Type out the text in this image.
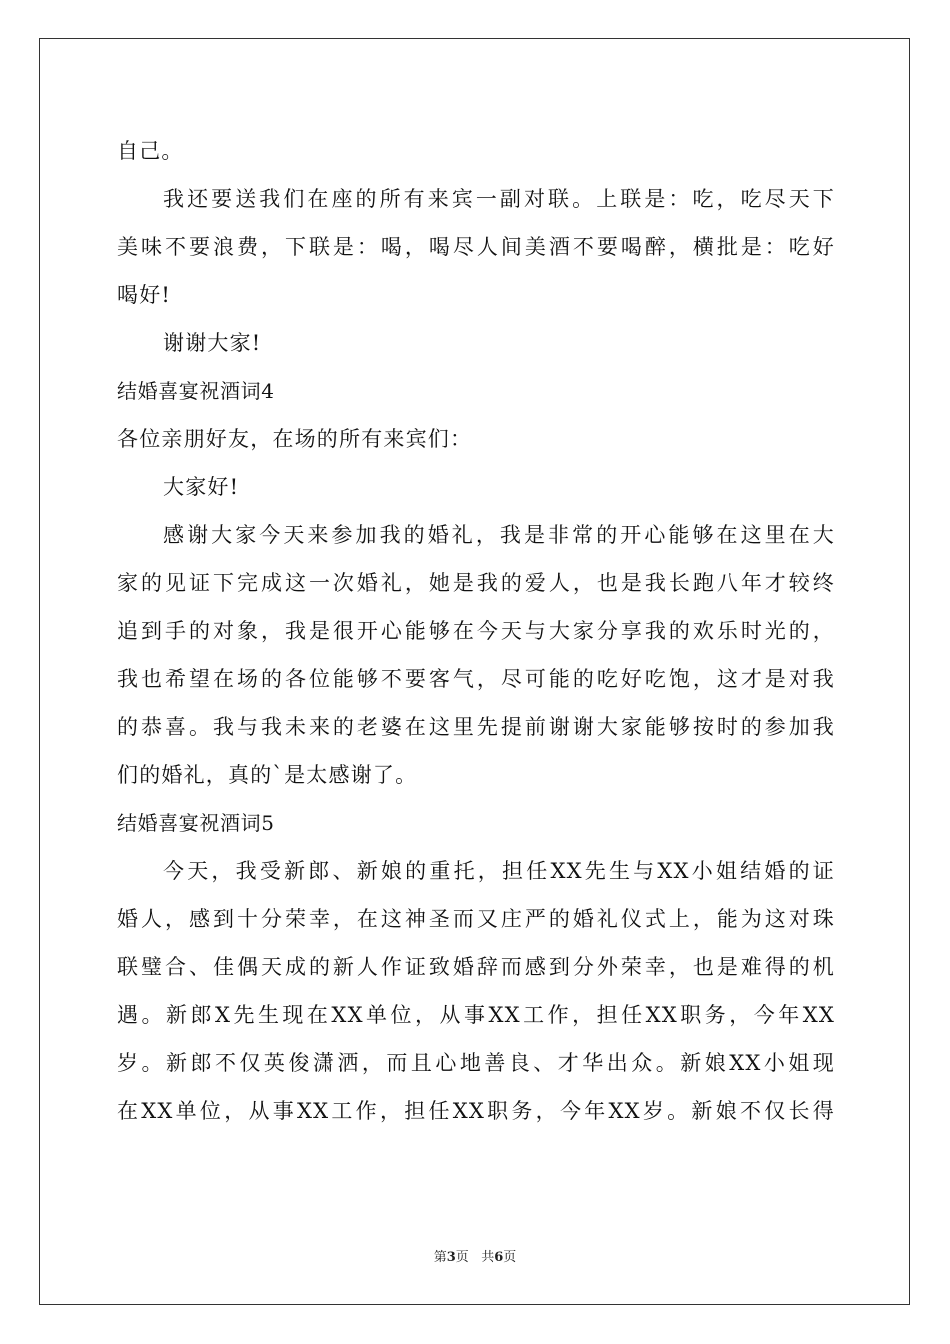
自己。
我还要送我们在座的所有来宾一副对联。上联是：吃，吃尽天下
美味不要浪费，下联是：喝，喝尽人间美酒不要喝醉，横批是：吃好
喝好!
谢谢大家!
结婚喜宴祝酒词4
各位亲朋好友，在场的所有来宾们：
大家好!
感谢大家今天来参加我的婚礼，我是非常的开心能够在这里在大
家的见证下完成这一次婚礼，她是我的爱人，也是我长跑八年才较终
追到手的对象，我是很开心能够在今天与大家分享我的欢乐时光的，
我也希望在场的各位能够不要客气，尽可能的吃好吃饱，这才是对我
的恭喜。我与我未来的老婆在这里先提前谢谢大家能够按时的参加我
们的婚礼，真的`是太感谢了。
结婚喜宴祝酒词5
今天，我受新郎、新娘的重托，担任XX先生与XX小姐结婚的证
婚人，感到十分荣幸，在这神圣而又庄严的婚礼仪式上，能为这对珠
联璧合、佳偶天成的新人作证致婚辞而感到分外荣幸，也是难得的机
遇。新郎X先生现在XX单位，从事XX工作，担任XX职务，今年XX
岁。新郎不仅英俊潇洒，而且心地善良、才华出众。新娘XX小姐现
在XX单位，从事XX工作，担任XX职务，今年XX岁。新娘不仅长得
第3页 共6页
